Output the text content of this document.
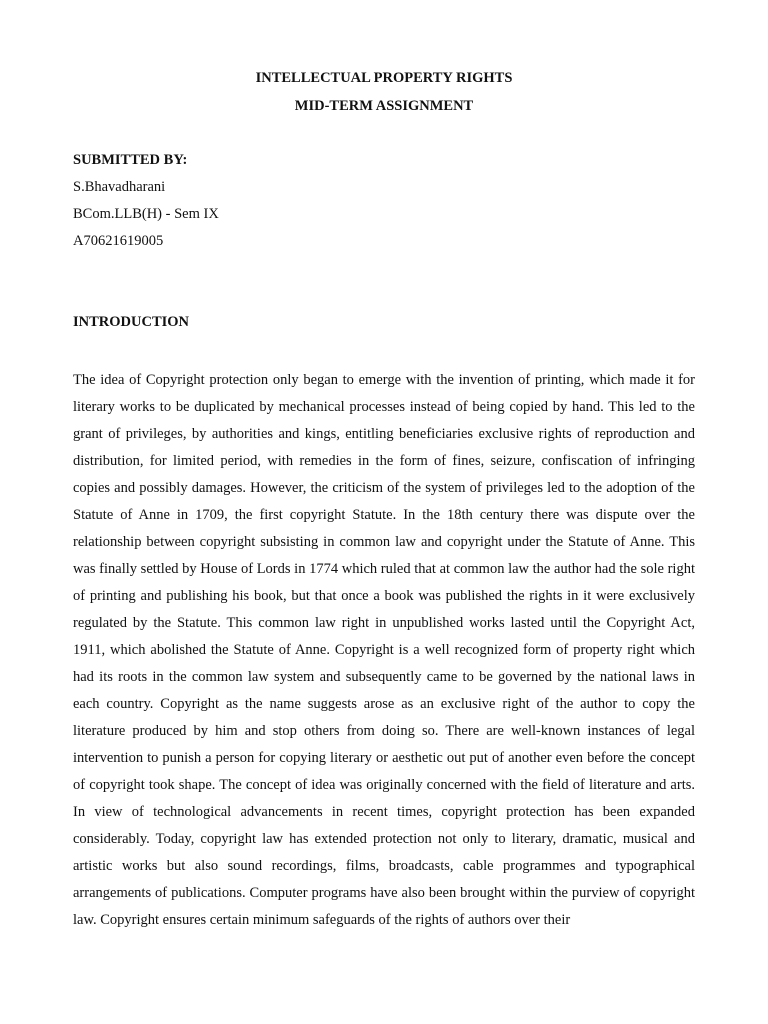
INTELLECTUAL PROPERTY RIGHTS
MID-TERM ASSIGNMENT
SUBMITTED BY:
S.Bhavadharani
BCom.LLB(H) - Sem IX
A70621619005
INTRODUCTION

The idea of Copyright protection only began to emerge with the invention of printing, which made it for literary works to be duplicated by mechanical processes instead of being copied by hand. This led to the grant of privileges, by authorities and kings, entitling beneficiaries exclusive rights of reproduction and distribution, for limited period, with remedies in the form of fines, seizure, confiscation of infringing copies and possibly damages. However, the criticism of the system of privileges led to the adoption of the Statute of Anne in 1709, the first copyright Statute. In the 18th century there was dispute over the relationship between copyright subsisting in common law and copyright under the Statute of Anne. This was finally settled by House of Lords in 1774 which ruled that at common law the author had the sole right of printing and publishing his book, but that once a book was published the rights in it were exclusively regulated by the Statute. This common law right in unpublished works lasted until the Copyright Act, 1911, which abolished the Statute of Anne. Copyright is a well recognized form of property right which had its roots in the common law system and subsequently came to be governed by the national laws in each country. Copyright as the name suggests arose as an exclusive right of the author to copy the literature produced by him and stop others from doing so. There are well-known instances of legal intervention to punish a person for copying literary or aesthetic out put of another even before the concept of copyright took shape. The concept of idea was originally concerned with the field of literature and arts. In view of technological advancements in recent times, copyright protection has been expanded considerably. Today, copyright law has extended protection not only to literary, dramatic, musical and artistic works but also sound recordings, films, broadcasts, cable programmes and typographical arrangements of publications. Computer programs have also been brought within the purview of copyright law. Copyright ensures certain minimum safeguards of the rights of authors over their
